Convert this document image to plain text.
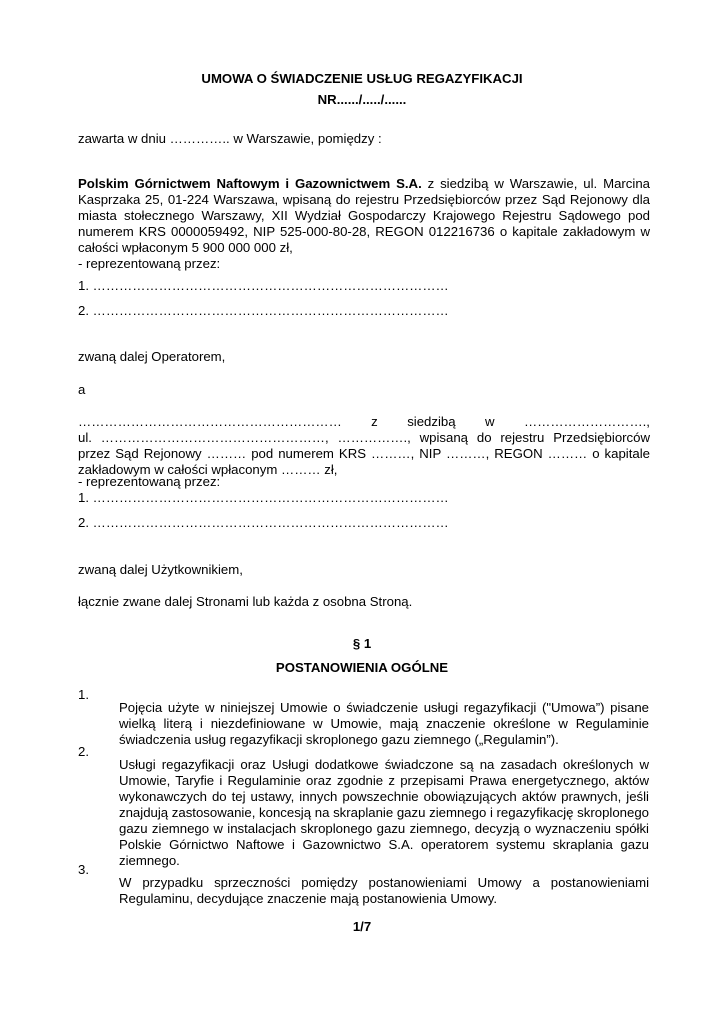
UMOWA O ŚWIADCZENIE USŁUG REGAZYFIKACJI

NR....../...../......

zawarta w dniu ………….. w Warszawie, pomiędzy :

Polskim Górnictwem Naftowym i Gazownictwem S.A. z siedzibą w Warszawie, ul. Marcina Kasprzaka 25, 01-224 Warszawa, wpisaną do rejestru Przedsiębiorców przez Sąd Rejonowy dla miasta stołecznego Warszawy, XII Wydział Gospodarczy Krajowego Rejestru Sądowego pod numerem KRS 0000059492, NIP 525-000-80-28, REGON 012216736 o kapitale zakładowym w całości wpłaconym 5 900 000 000 zł,

- reprezentowaną przez:

1. ………………………………………………………………………

2. ………………………………………………………………………

zwaną dalej Operatorem,

a

…………………………………………………… z siedzibą w ……………………….,

ul. ……………………………………………, ……………., wpisaną do rejestru Przedsiębiorców przez Sąd Rejonowy ……… pod numerem KRS ………, NIP ………, REGON ……… o kapitale zakładowym w całości wpłaconym ……… zł,

- reprezentowaną przez:

1. ………………………………………………………………………

2. ………………………………………………………………………

zwaną dalej Użytkownikiem,

łącznie zwane dalej Stronami lub każda z osobna Stroną.

§ 1

POSTANOWIENIA OGÓLNE

1.

Pojęcia użyte w niniejszej Umowie o świadczenie usługi regazyfikacji ("Umowa”) pisane wielką literą i niezdefiniowane w Umowie, mają znaczenie określone w Regulaminie świadczenia usług regazyfikacji skroplonego gazu ziemnego („Regulamin”).

2.

Usługi regazyfikacji oraz Usługi dodatkowe świadczone są na zasadach określonych w Umowie, Taryfie i Regulaminie oraz zgodnie z przepisami Prawa energetycznego, aktów wykonawczych do tej ustawy, innych powszechnie obowiązujących aktów prawnych, jeśli znajdują zastosowanie, koncesją na skraplanie gazu ziemnego i regazyfikację skroplonego gazu ziemnego w instalacjach skroplonego gazu ziemnego, decyzją o wyznaczeniu spółki Polskie Górnictwo Naftowe i Gazownictwo S.A. operatorem systemu skraplania gazu ziemnego.

3.

W przypadku sprzeczności pomiędzy postanowieniami Umowy a postanowieniami Regulaminu, decydujące znaczenie mają postanowienia Umowy.

1/7
